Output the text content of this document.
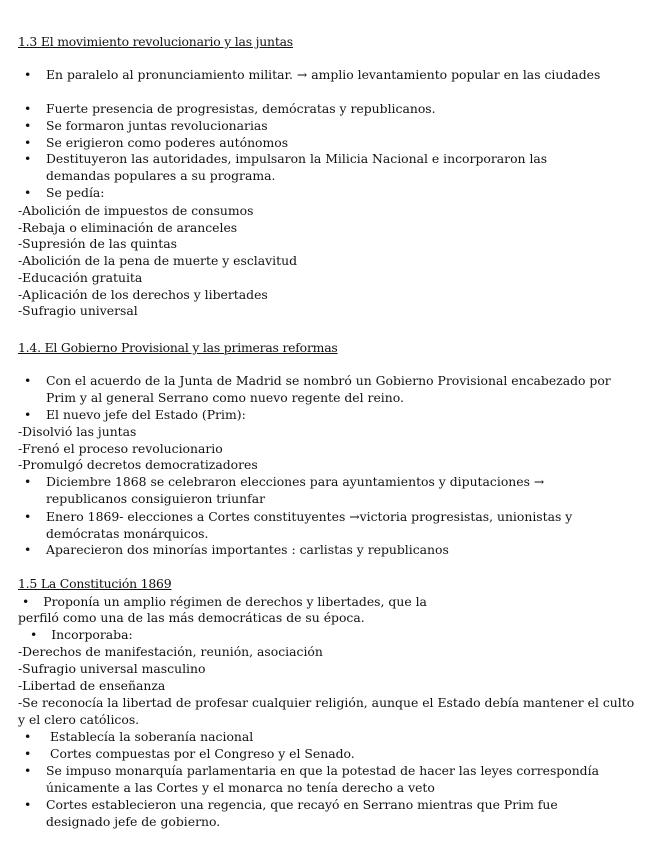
1.3 El movimiento revolucionario y las juntas

• En paralelo al pronunciamiento militar. → amplio levantamiento popular en las ciudades

• Fuerte presencia de progresistas, demócratas y republicanos.

• Se formaron juntas revolucionarias

• Se erigieron como poderes autónomos

• Destituyeron las autoridades, impulsaron la Milicia Nacional e incorporaron las demandas populares a su programa.

• Se pedía:

-Abolición de impuestos de consumos
-Rebaja o eliminación de aranceles
-Supresión de las quintas
-Abolición de la pena de muerte y esclavitud
-Educación gratuita
-Aplicación de los derechos y libertades
-Sufragio universal
1.4. El Gobierno Provisional y las primeras reformas

• Con el acuerdo de la Junta de Madrid se nombró un Gobierno Provisional encabezado por Prim y al general Serrano como nuevo regente del reino.

• El nuevo jefe del Estado (Prim):

-Disolvió las juntas
-Frenó el proceso revolucionario
-Promulgó decretos democratizadores

• Diciembre 1868 se celebraron elecciones para ayuntamientos y diputaciones → republicanos consiguieron triunfar

• Enero 1869- elecciones a Cortes constituyentes →victoria progresistas, unionistas y demócratas monárquicos.

• Aparecieron dos minorías importantes : carlistas y republicanos

1.5 La Constitución 1869
• Proponía un amplio régimen de derechos y libertades, que la
perfiló como una de las más democráticas de su época.
• Incorporaba:
-Derechos de manifestación, reunión, asociación
-Sufragio universal masculino
-Libertad de enseñanza

-Se reconocía la libertad de profesar cualquier religión, aunque el Estado debía mantener el culto y el clero católicos.

• Establecía la soberanía nacional

• Cortes compuestas por el Congreso y el Senado.

• Se impuso monarquía parlamentaria en que la potestad de hacer las leyes correspondía únicamente a las Cortes y el monarca no tenía derecho a veto

• Cortes establecieron una regencia, que recayó en Serrano mientras que Prim fue designado jefe de gobierno.
